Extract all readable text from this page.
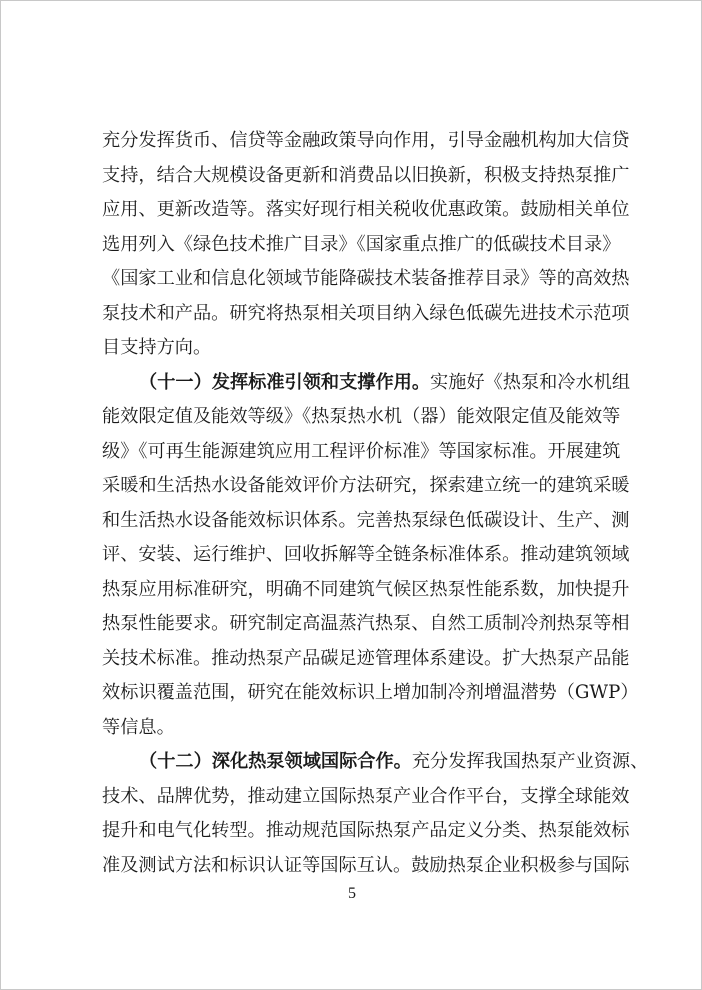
充分发挥货币、信贷等金融政策导向作用，引导金融机构加大信贷
支持，结合大规模设备更新和消费品以旧换新，积极支持热泵推广
应用、更新改造等。落实好现行相关税收优惠政策。鼓励相关单位
选用列入《绿色技术推广目录》《国家重点推广的低碳技术目录》
《国家工业和信息化领域节能降碳技术装备推荐目录》等的高效热
泵技术和产品。研究将热泵相关项目纳入绿色低碳先进技术示范项
目支持方向。
（十一）发挥标准引领和支撑作用。实施好《热泵和冷水机组
能效限定值及能效等级》《热泵热水机（器）能效限定值及能效等
级》《可再生能源建筑应用工程评价标准》等国家标准。开展建筑
采暖和生活热水设备能效评价方法研究，探索建立统一的建筑采暖
和生活热水设备能效标识体系。完善热泵绿色低碳设计、生产、测
评、安装、运行维护、回收拆解等全链条标准体系。推动建筑领域
热泵应用标准研究，明确不同建筑气候区热泵性能系数，加快提升
热泵性能要求。研究制定高温蒸汽热泵、自然工质制冷剂热泵等相
关技术标准。推动热泵产品碳足迹管理体系建设。扩大热泵产品能
效标识覆盖范围，研究在能效标识上增加制冷剂增温潜势（GWP）
等信息。
（十二）深化热泵领域国际合作。充分发挥我国热泵产业资源、
技术、品牌优势，推动建立国际热泵产业合作平台，支撑全球能效
提升和电气化转型。推动规范国际热泵产品定义分类、热泵能效标
准及测试方法和标识认证等国际互认。鼓励热泵企业积极参与国际
5
